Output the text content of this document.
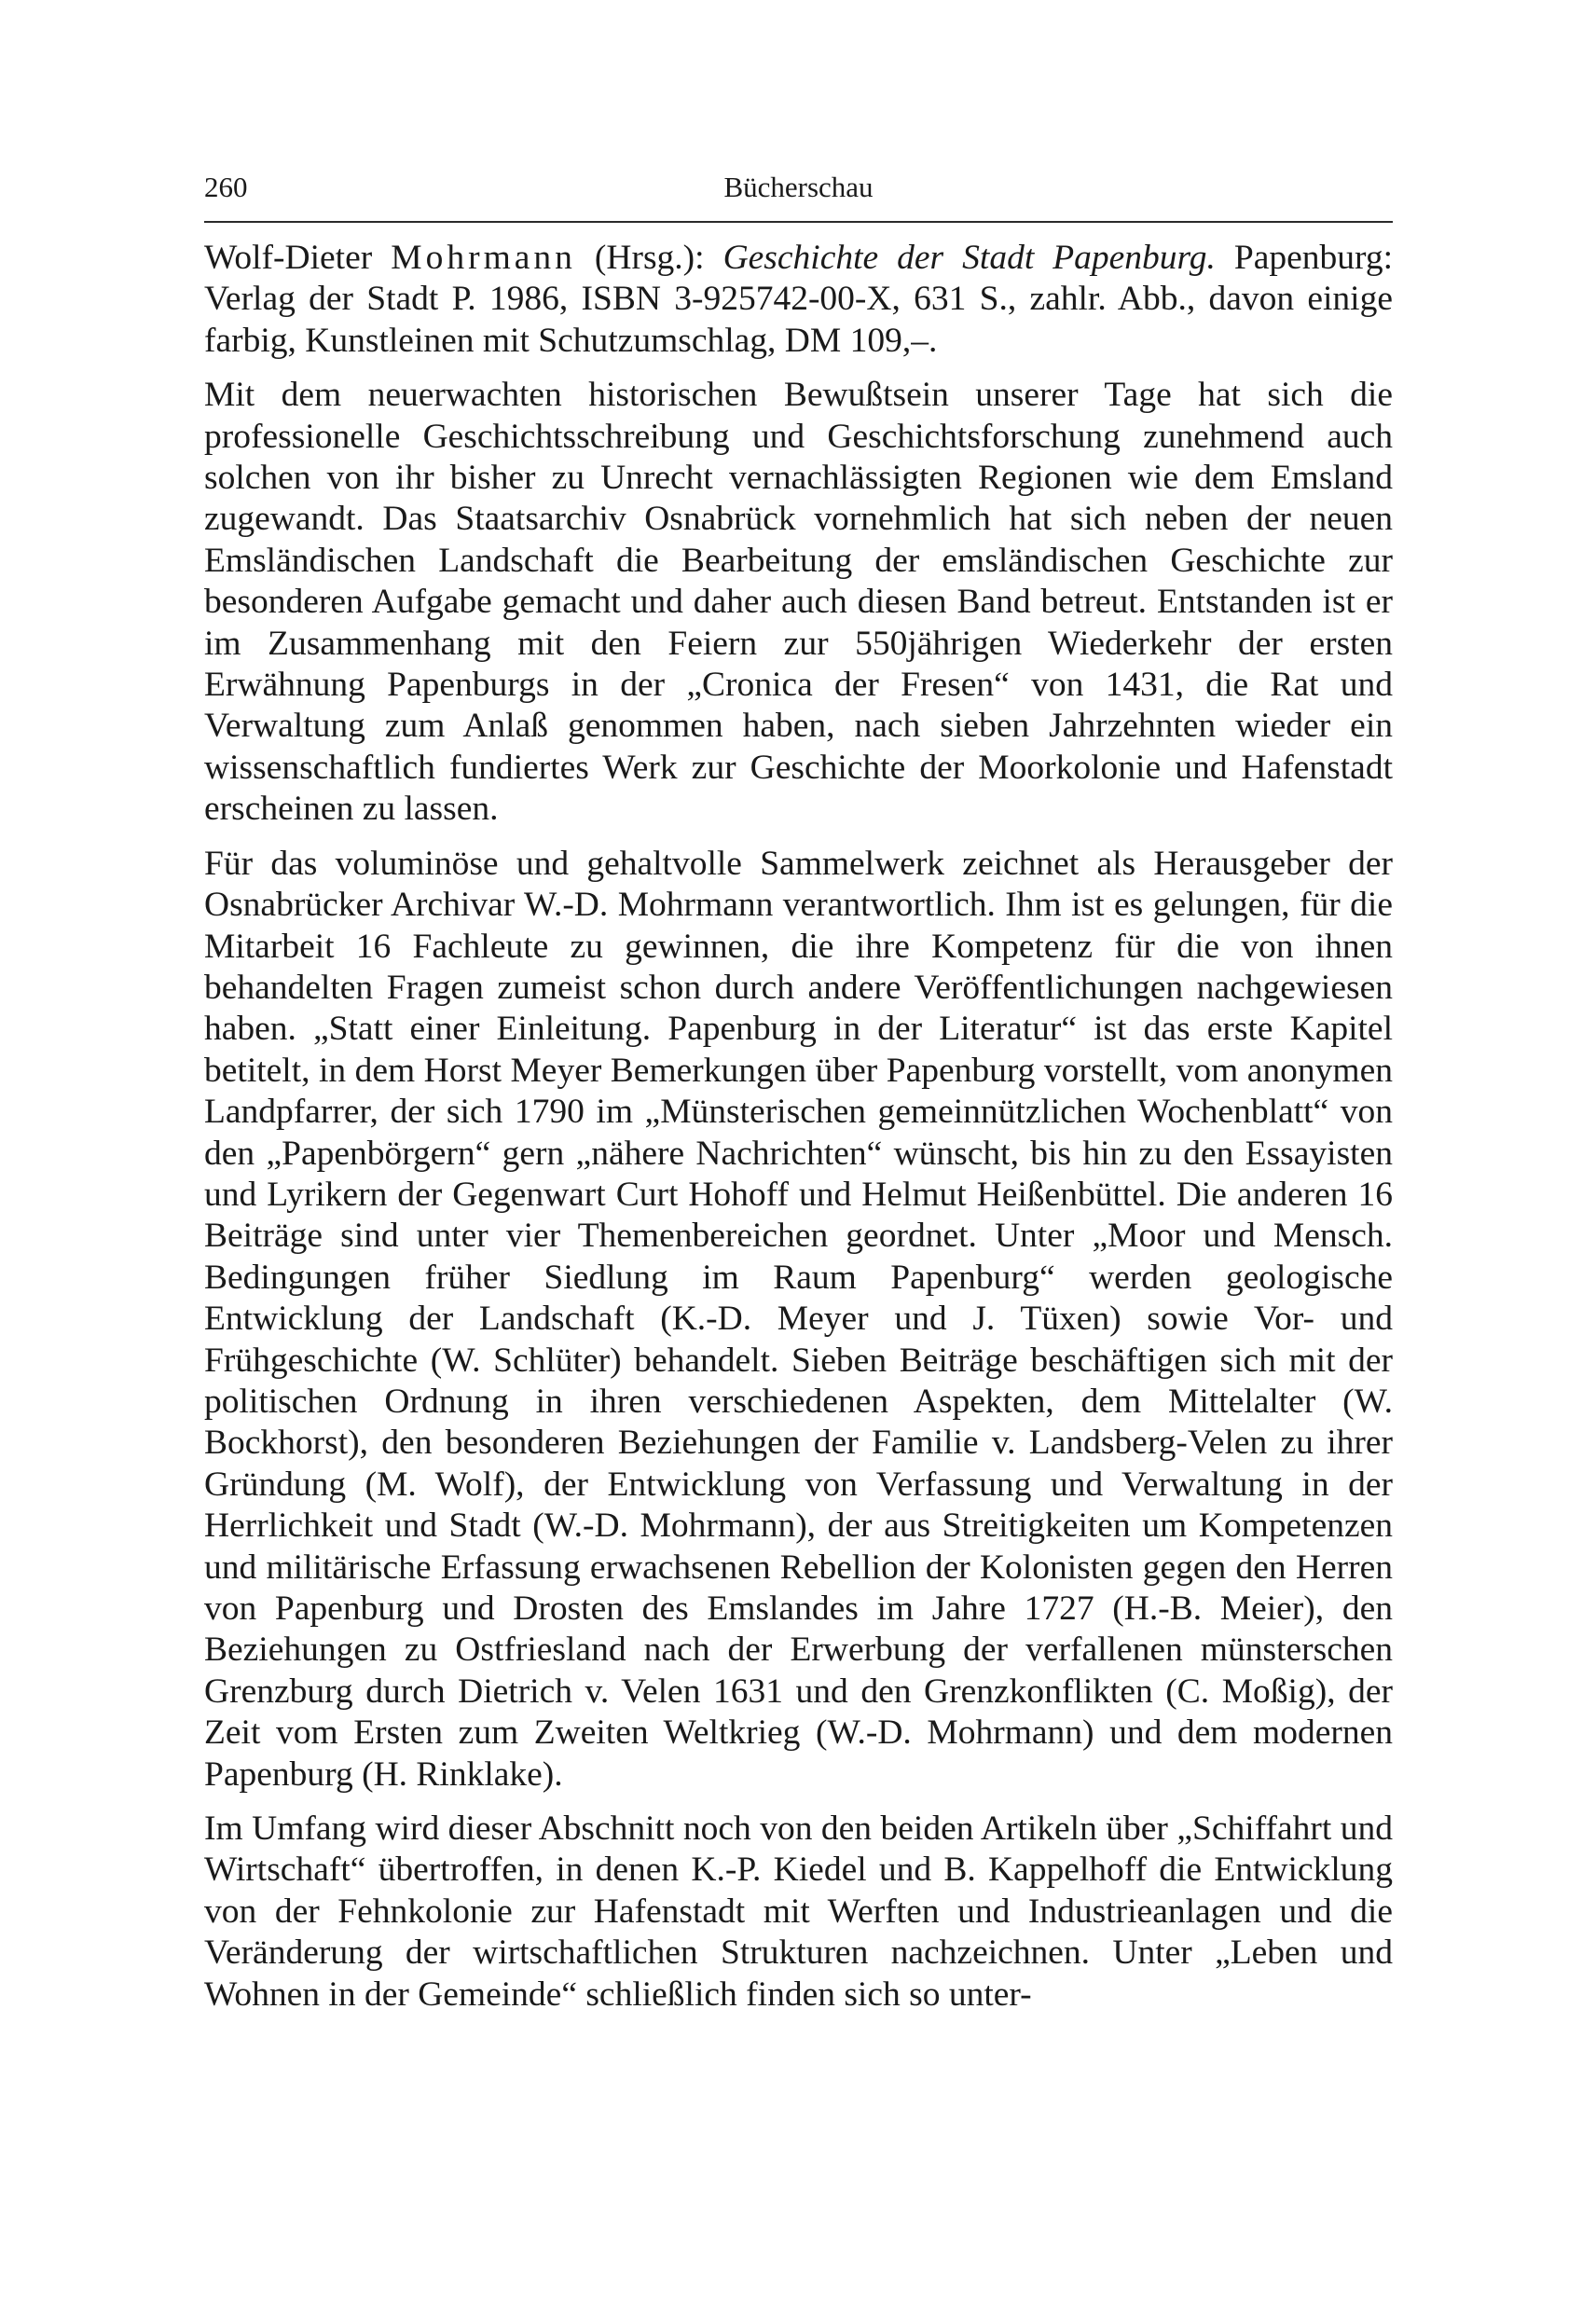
260	Bücherschau

Wolf-Dieter Mohrmann (Hrsg.): Geschichte der Stadt Papenburg. Papenburg: Verlag der Stadt P. 1986, ISBN 3-925742-00-X, 631 S., zahlr. Abb., davon einige farbig, Kunstleinen mit Schutzumschlag, DM 109,–.

Mit dem neuerwachten historischen Bewußtsein unserer Tage hat sich die professionelle Geschichtsschreibung und Geschichtsforschung zunehmend auch solchen von ihr bisher zu Unrecht vernachlässigten Regionen wie dem Emsland zugewandt. Das Staatsarchiv Osnabrück vornehmlich hat sich neben der neuen Emsländischen Landschaft die Bearbeitung der emsländischen Geschichte zur besonderen Aufgabe gemacht und daher auch diesen Band betreut. Entstanden ist er im Zusammenhang mit den Feiern zur 550jährigen Wiederkehr der ersten Erwähnung Papenburgs in der „Cronica der Fresen“ von 1431, die Rat und Verwaltung zum Anlaß genommen haben, nach sieben Jahrzehnten wieder ein wissenschaftlich fundiertes Werk zur Geschichte der Moorkolonie und Hafenstadt erscheinen zu lassen.

Für das voluminöse und gehaltvolle Sammelwerk zeichnet als Herausgeber der Osnabrücker Archivar W.-D. Mohrmann verantwortlich. Ihm ist es gelungen, für die Mitarbeit 16 Fachleute zu gewinnen, die ihre Kompetenz für die von ihnen behandelten Fragen zumeist schon durch andere Veröffentlichungen nachgewiesen haben. „Statt einer Einleitung. Papenburg in der Literatur“ ist das erste Kapitel betitelt, in dem Horst Meyer Bemerkungen über Papenburg vorstellt, vom anonymen Landpfarrer, der sich 1790 im „Münsterischen gemeinnützlichen Wochenblatt“ von den „Papenbörgern“ gern „nähere Nachrichten“ wünscht, bis hin zu den Essayisten und Lyrikern der Gegenwart Curt Hohoff und Helmut Heißenbüttel. Die anderen 16 Beiträge sind unter vier Themenbereichen geordnet. Unter „Moor und Mensch. Bedingungen früher Siedlung im Raum Papenburg“ werden geologische Entwicklung der Landschaft (K.-D. Meyer und J. Tüxen) sowie Vor- und Frühgeschichte (W. Schlüter) behandelt. Sieben Beiträge beschäftigen sich mit der politischen Ordnung in ihren verschiedenen Aspekten, dem Mittelalter (W. Bockhorst), den besonderen Beziehungen der Familie v. Landsberg-Velen zu ihrer Gründung (M. Wolf), der Entwicklung von Verfassung und Verwaltung in der Herrlichkeit und Stadt (W.-D. Mohrmann), der aus Streitigkeiten um Kompetenzen und militärische Erfassung erwachsenen Rebellion der Kolonisten gegen den Herren von Papenburg und Drosten des Emslandes im Jahre 1727 (H.-B. Meier), den Beziehungen zu Ostfriesland nach der Erwerbung der verfallenen münsterschen Grenzburg durch Dietrich v. Velen 1631 und den Grenzkonflikten (C. Moßig), der Zeit vom Ersten zum Zweiten Weltkrieg (W.-D. Mohrmann) und dem modernen Papenburg (H. Rinklake).

Im Umfang wird dieser Abschnitt noch von den beiden Artikeln über „Schiffahrt und Wirtschaft“ übertroffen, in denen K.-P. Kiedel und B. Kappelhoff die Entwicklung von der Fehnkolonie zur Hafenstadt mit Werften und Industrieanlagen und die Veränderung der wirtschaftlichen Strukturen nachzeichnen. Unter „Leben und Wohnen in der Gemeinde“ schließlich finden sich so unter-
